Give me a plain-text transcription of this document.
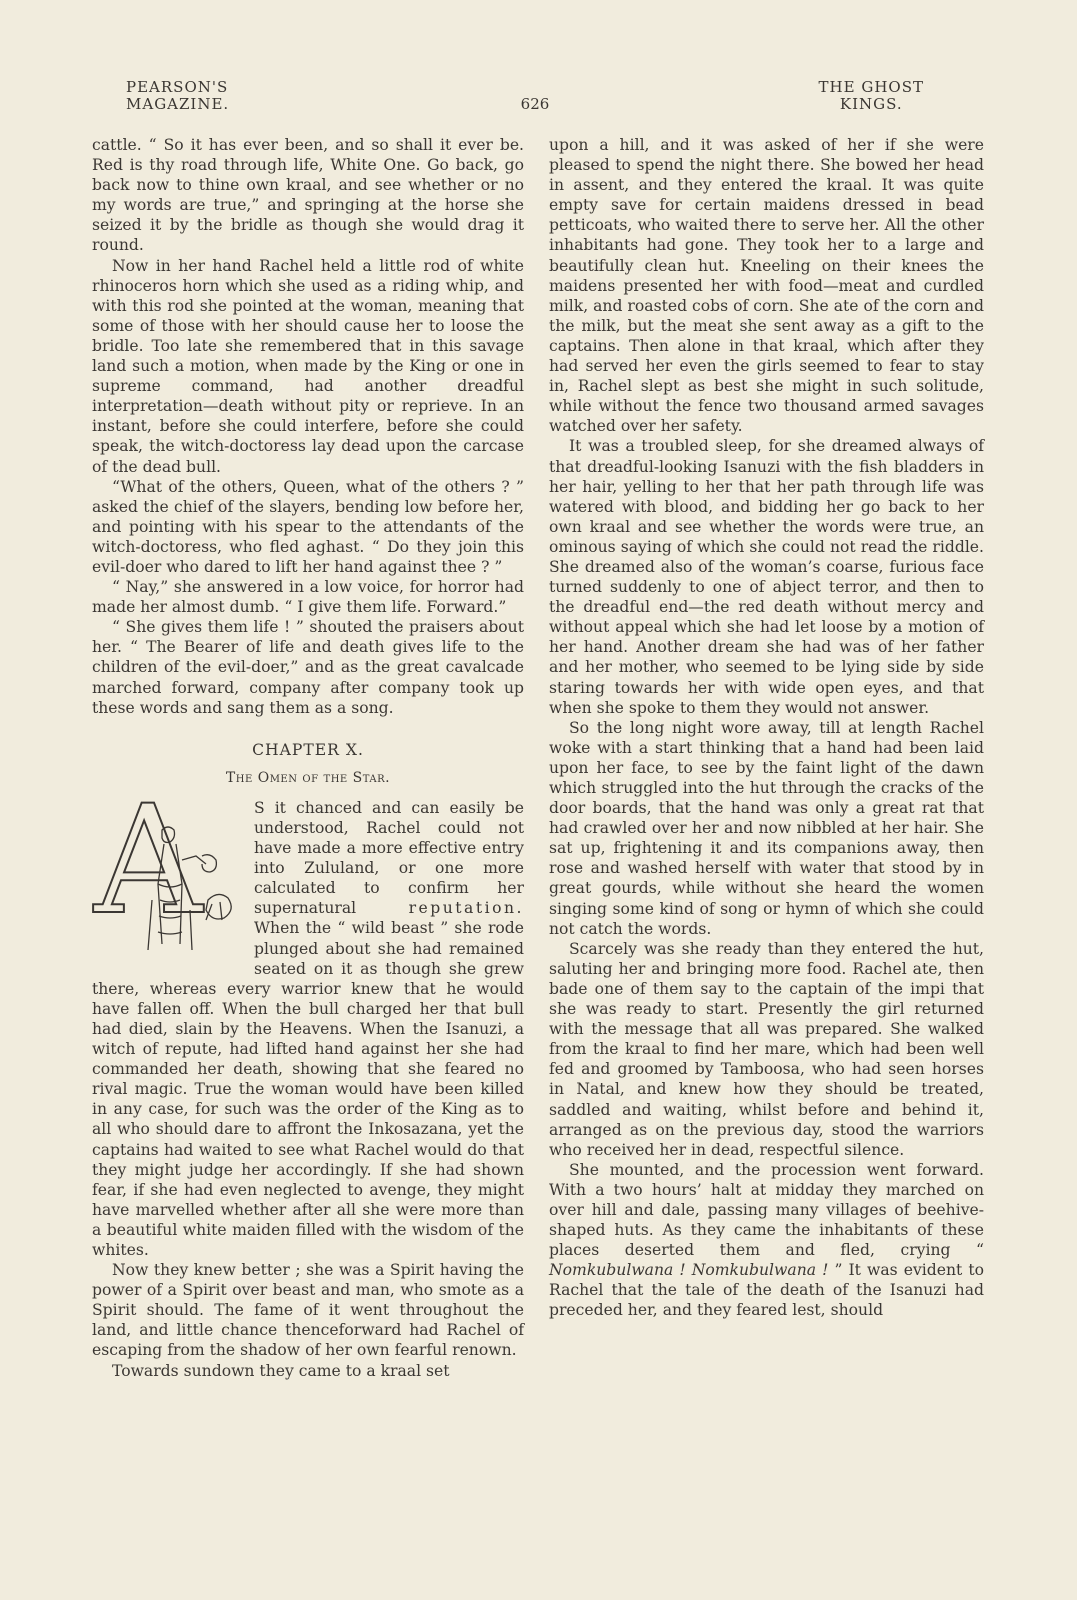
PEARSON'S
MAGAZINE.	626
THE GHOST
KINGS.

cattle. “ So it has ever been, and so shall it ever be. Red is thy road through life, White One. Go back, go back now to thine own kraal, and see whether or no my words are true,” and springing at the horse she seized it by the bridle as though she would drag it round.

Now in her hand Rachel held a little rod of white rhinoceros horn which she used as a riding whip, and with this rod she pointed at the woman, meaning that some of those with her should cause her to loose the bridle. Too late she remembered that in this savage land such a motion, when made by the King or one in supreme command, had another dreadful interpretation—death without pity or reprieve. In an instant, before she could interfere, before she could speak, the witch-doctoress lay dead upon the carcase of the dead bull.

“What of the others, Queen, what of the others ? ” asked the chief of the slayers, bending low before her, and pointing with his spear to the attendants of the witch-doctoress, who fled aghast. “ Do they join this evil-doer who dared to lift her hand against thee ? ”

“ Nay,” she answered in a low voice, for horror had made her almost dumb. “ I give them life. Forward.”

“ She gives them life ! ” shouted the praisers about her. “ The Bearer of life and death gives life to the children of the evil-doer,” and as the great cavalcade marched forward, company after company took up these words and sang them as a song.

CHAPTER X.
The Omen of the Star.
A	S it chanced and can easily be understood, Rachel could not have made a more effective entry into Zululand, or one more calculated to confirm her supernatural reputation. When the “ wild beast ” she rode plunged about she had remained seated on it as though she grew there, whereas every warrior knew that he would have fallen off. When the bull charged her that bull had died, slain by the Heavens. When the Isanuzi, a witch of repute, had lifted hand against her she had commanded her death, showing that she feared no rival magic. True the woman would have been killed in any case, for such was the order of the King as to all who should dare to affront the Inkosazana, yet the captains had waited to see what Rachel would do that they might judge her accordingly. If she had shown fear, if she had even neglected to avenge, they might have marvelled whether after all she were more than a beautiful white maiden filled with the wisdom of the whites.

Now they knew better ; she was a Spirit having the power of a Spirit over beast and man, who smote as a Spirit should. The fame of it went throughout the land, and little chance thenceforward had Rachel of escaping from the shadow of her own fearful renown.

Towards sundown they came to a kraal set

upon a hill, and it was asked of her if she were pleased to spend the night there. She bowed her head in assent, and they entered the kraal. It was quite empty save for certain maidens dressed in bead petticoats, who waited there to serve her. All the other inhabitants had gone. They took her to a large and beautifully clean hut. Kneeling on their knees the maidens presented her with food—meat and curdled milk, and roasted cobs of corn. She ate of the corn and the milk, but the meat she sent away as a gift to the captains. Then alone in that kraal, which after they had served her even the girls seemed to fear to stay in, Rachel slept as best she might in such solitude, while without the fence two thousand armed savages watched over her safety.

It was a troubled sleep, for she dreamed always of that dreadful-looking Isanuzi with the fish bladders in her hair, yelling to her that her path through life was watered with blood, and bidding her go back to her own kraal and see whether the words were true, an ominous saying of which she could not read the riddle. She dreamed also of the woman’s coarse, furious face turned suddenly to one of abject terror, and then to the dreadful end—the red death without mercy and without appeal which she had let loose by a motion of her hand. Another dream she had was of her father and her mother, who seemed to be lying side by side staring towards her with wide open eyes, and that when she spoke to them they would not answer.

So the long night wore away, till at length Rachel woke with a start thinking that a hand had been laid upon her face, to see by the faint light of the dawn which struggled into the hut through the cracks of the door boards, that the hand was only a great rat that had crawled over her and now nibbled at her hair. She sat up, frightening it and its companions away, then rose and washed herself with water that stood by in great gourds, while without she heard the women singing some kind of song or hymn of which she could not catch the words.

Scarcely was she ready than they entered the hut, saluting her and bringing more food. Rachel ate, then bade one of them say to the captain of the impi that she was ready to start. Presently the girl returned with the message that all was prepared. She walked from the kraal to find her mare, which had been well fed and groomed by Tamboosa, who had seen horses in Natal, and knew how they should be treated, saddled and waiting, whilst before and behind it, arranged as on the previous day, stood the warriors who received her in dead, respectful silence.

She mounted, and the procession went forward. With a two hours’ halt at midday they marched on over hill and dale, passing many villages of beehive-shaped huts. As they came the inhabitants of these places deserted them and fled, crying “ Nomkubulwana ! Nomkubulwana ! ” It was evident to Rachel that the tale of the death of the Isanuzi had preceded her, and they feared lest, should
